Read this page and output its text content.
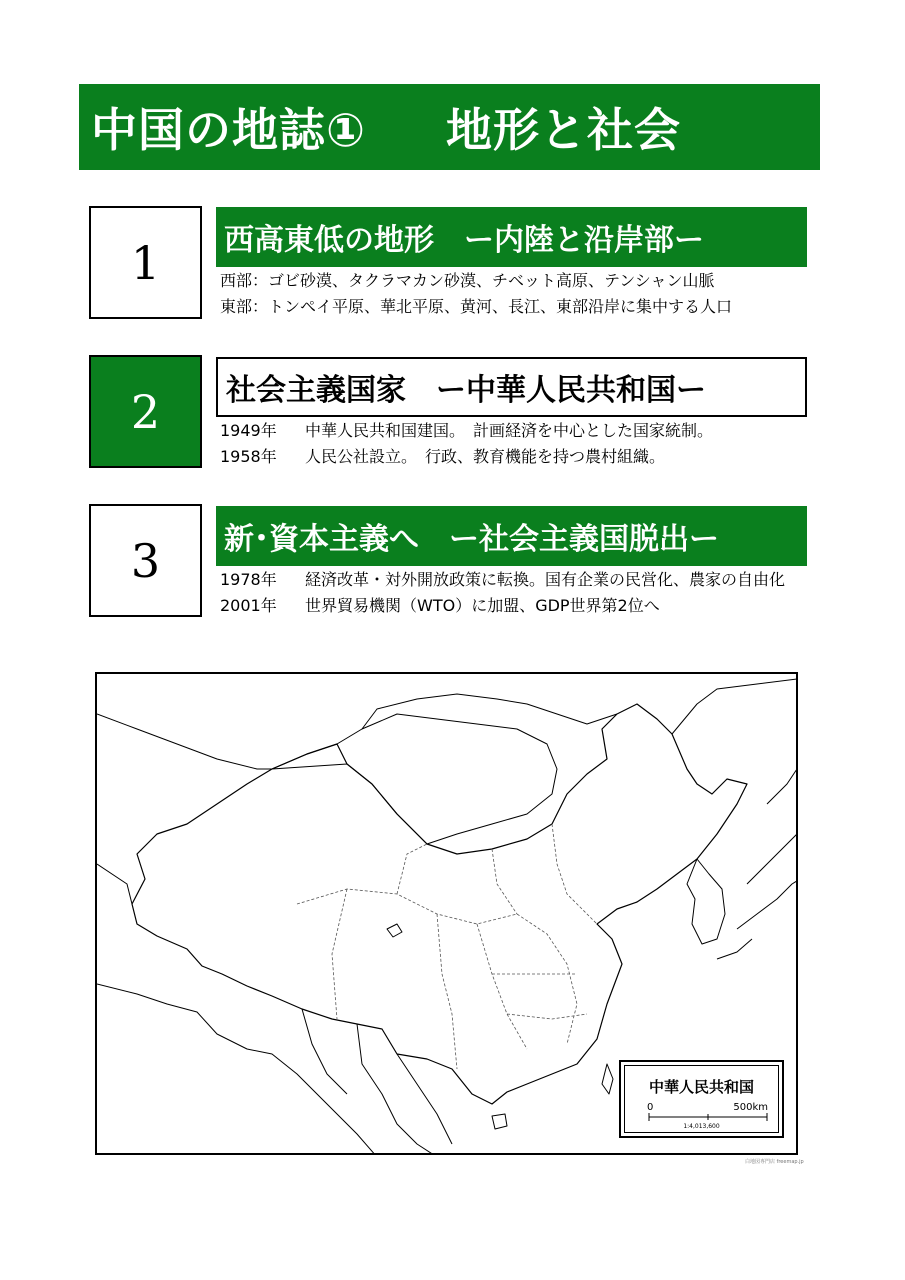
中国の地誌① 地形と社会
1	西高東低の地形 ー内陸と沿岸部ー
西部：ゴビ砂漠、タクラマカン砂漠、チベット高原、テンシャン山脈
東部：トンペイ平原、華北平原、黄河、長江、東部沿岸に集中する人口
2	社会主義国家 ー中華人民共和国ー
1949年 中華人民共和国建国。　計画経済を中心とした国家統制。
1958年 人民公社設立。　行政、教育機能を持つ農村組織。
3	新･資本主義へ ー社会主義国脱出ー
1978年 経済改革・対外開放政策に転換。国有企業の民営化、農家の自由化
2001年 世界貿易機関（WTO）に加盟、GDP世界第2位へ
中華人民共和国
0	500km
1:4,013,600
白地図専門店 freemap.jp
